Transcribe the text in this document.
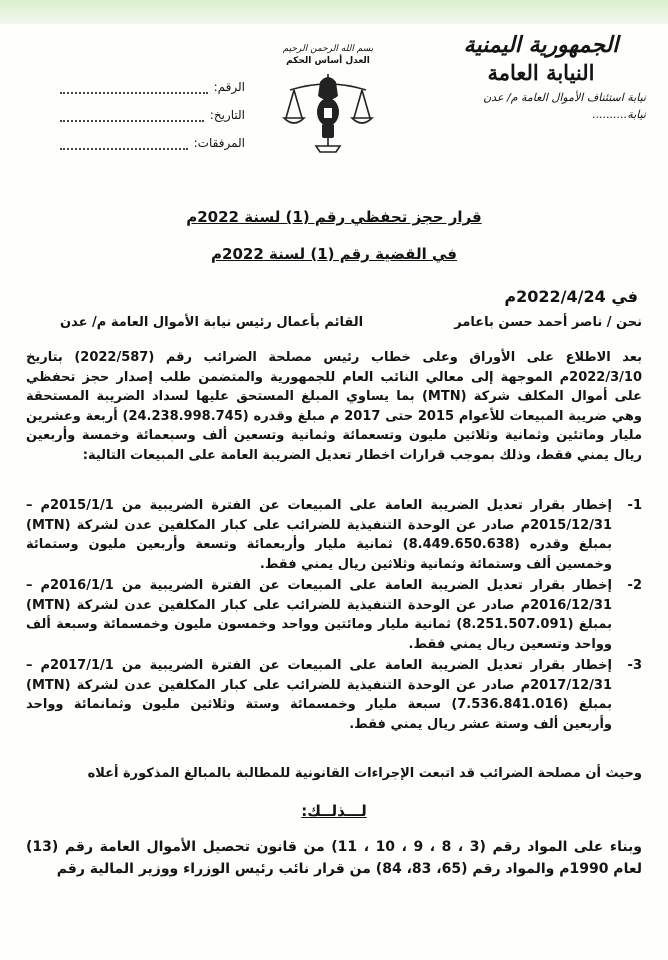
الجمهورية اليمنية
النيابة العامة
نيابة استئناف الأموال العامة م/ عدن
نيابة..........
بسم الله الرحمن الرحيم
العدل أساس الحكم
الرقم:
التاريخ:
المرفقات:
قرار حجز تحفظي رقم (1) لسنة 2022م
في القضية رقم (1) لسنة 2022م
في 2022/4/24م
نحن / ناصر أحمد حسن باعامر
القائم بأعمال رئيس نيابة الأموال العامة م/ عدن
بعد الاطلاع على الأوراق وعلى خطاب رئيس مصلحة الضرائب رقم (2022/587) بتاريخ 2022/3/10م الموجهة إلى معالي النائب العام للجمهورية والمتضمن طلب إصدار حجز تحفظي على أموال المكلف شركة (MTN) بما يساوي المبلغ المستحق عليها لسداد الضريبة المستحقة وهي ضريبة المبيعات للأعوام 2015 حتى 2017 م مبلغ وقدره (24.238.998.745) أربعة وعشرين مليار وماتئين وثمانية وثلاثين مليون وتسعمائة وثمانية وتسعين ألف وسبعمائة وخمسة وأربعين ريال يمني فقط، وذلك بموجب قرارات اخطار تعديل الضريبة العامة على المبيعات التالية:
1-
إخطار بقرار تعديل الضريبة العامة على المبيعات عن الفترة الضريبية من 2015/1/1م – 2015/12/31م صادر عن الوحدة التنفيذية للضرائب على كبار المكلفين عدن لشركة (MTN) بمبلغ وقدره (8.449.650.638) ثمانية مليار وأربعمائة وتسعة وأربعين مليون وستمائة وخمسين ألف وستمائة وثمانية وثلاثين ريال يمني فقط.
2-
إخطار بقرار تعديل الضريبة العامة على المبيعات عن الفترة الضريبية من 2016/1/1م – 2016/12/31م صادر عن الوحدة التنفيذية للضرائب على كبار المكلفين عدن لشركة (MTN) بمبلغ (8.251.507.091) ثمانية مليار ومائتين وواحد وخمسون مليون وخمسمائة وسبعة ألف وواحد وتسعين ريال يمني فقط.
3-
إخطار بقرار تعديل الضريبة العامة على المبيعات عن الفترة الضريبية من 2017/1/1م – 2017/12/31م صادر عن الوحدة التنفيذية للضرائب على كبار المكلفين عدن لشركة (MTN) بمبلغ (7.536.841.016) سبعة مليار وخمسمائة وستة وثلاثين مليون وثمانمائة وواحد وأربعين ألف وستة عشر ريال يمني فقط.
وحيث أن مصلحة الضرائب قد اتبعت الإجراءات القانونية للمطالبة بالمبالغ المذكورة أعلاه
لـــذلــك:
وبناء على المواد رقم (3 ، 8 ، 9 ، 10 ، 11) من قانون تحصيل الأموال العامة رقم (13) لعام 1990م والمواد رقم (65، 83، 84) من قرار نائب رئيس الوزراء ووزير المالية رقم
